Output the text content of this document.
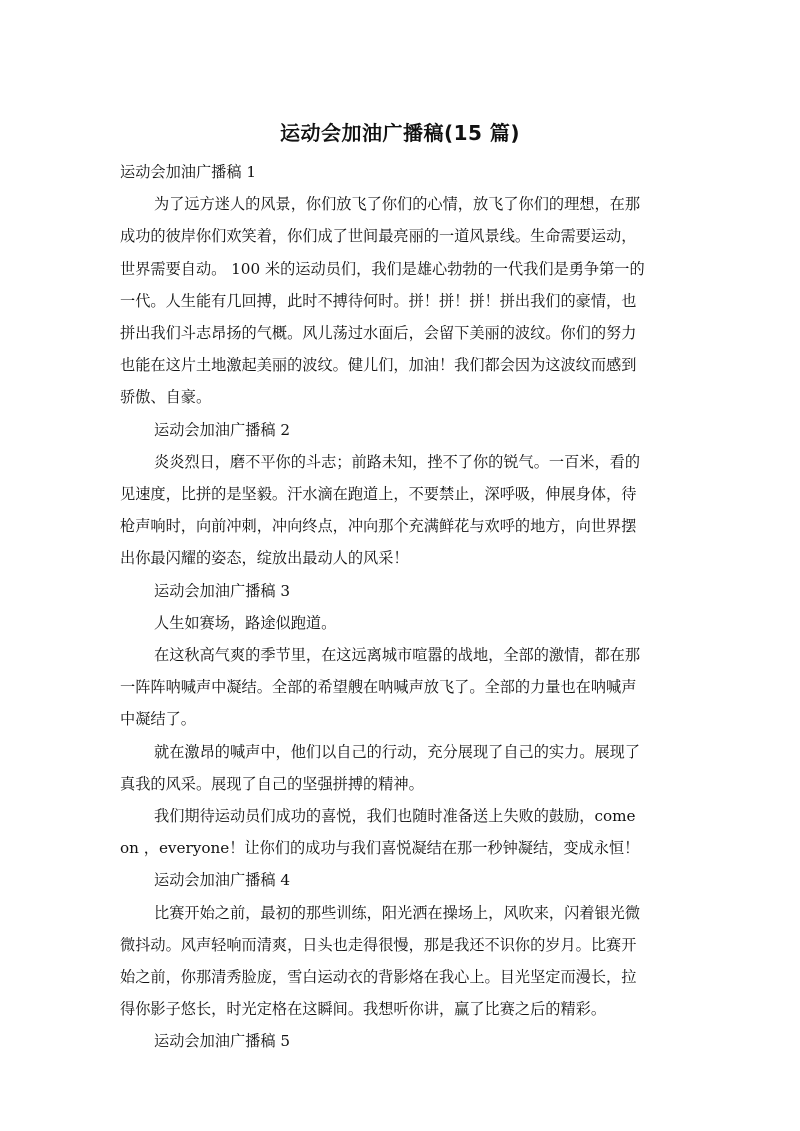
运动会加油广播稿(15 篇)
运动会加油广播稿 1
为了远方迷人的风景，你们放飞了你们的心情，放飞了你们的理想，在那
成功的彼岸你们欢笑着，你们成了世间最亮丽的一道风景线。生命需要运动，
世界需要自动。 100 米的运动员们，我们是雄心勃勃的一代我们是勇争第一的
一代。人生能有几回搏，此时不搏待何时。拼！拼！拼！拼出我们的豪情，也
拼出我们斗志昂扬的气概。风儿荡过水面后，会留下美丽的波纹。你们的努力
也能在这片土地激起美丽的波纹。健儿们，加油！我们都会因为这波纹而感到
骄傲、自豪。
运动会加油广播稿 2
炎炎烈日，磨不平你的斗志；前路未知，挫不了你的锐气。一百米，看的
见速度，比拼的是坚毅。汗水滴在跑道上，不要禁止，深呼吸，伸展身体，待
枪声响时，向前冲刺，冲向终点，冲向那个充满鲜花与欢呼的地方，向世界摆
出你最闪耀的姿态，绽放出最动人的风采！
运动会加油广播稿 3
人生如赛场，路途似跑道。
在这秋高气爽的季节里，在这远离城市喧嚣的战地，全部的激情，都在那
一阵阵呐喊声中凝结。全部的希望艘在呐喊声放飞了。全部的力量也在呐喊声
中凝结了。
就在激昂的喊声中，他们以自己的行动，充分展现了自己的实力。展现了
真我的风采。展现了自己的坚强拼搏的精神。
我们期待运动员们成功的喜悦，我们也随时准备送上失败的鼓励，come
on ，everyone！让你们的成功与我们喜悦凝结在那一秒钟凝结，变成永恒！
运动会加油广播稿 4
比赛开始之前，最初的那些训练，阳光洒在操场上，风吹来，闪着银光微
微抖动。风声轻响而清爽，日头也走得很慢，那是我还不识你的岁月。比赛开
始之前，你那清秀脸庞，雪白运动衣的背影烙在我心上。目光坚定而漫长，拉
得你影子悠长，时光定格在这瞬间。我想听你讲，赢了比赛之后的精彩。
运动会加油广播稿 5
